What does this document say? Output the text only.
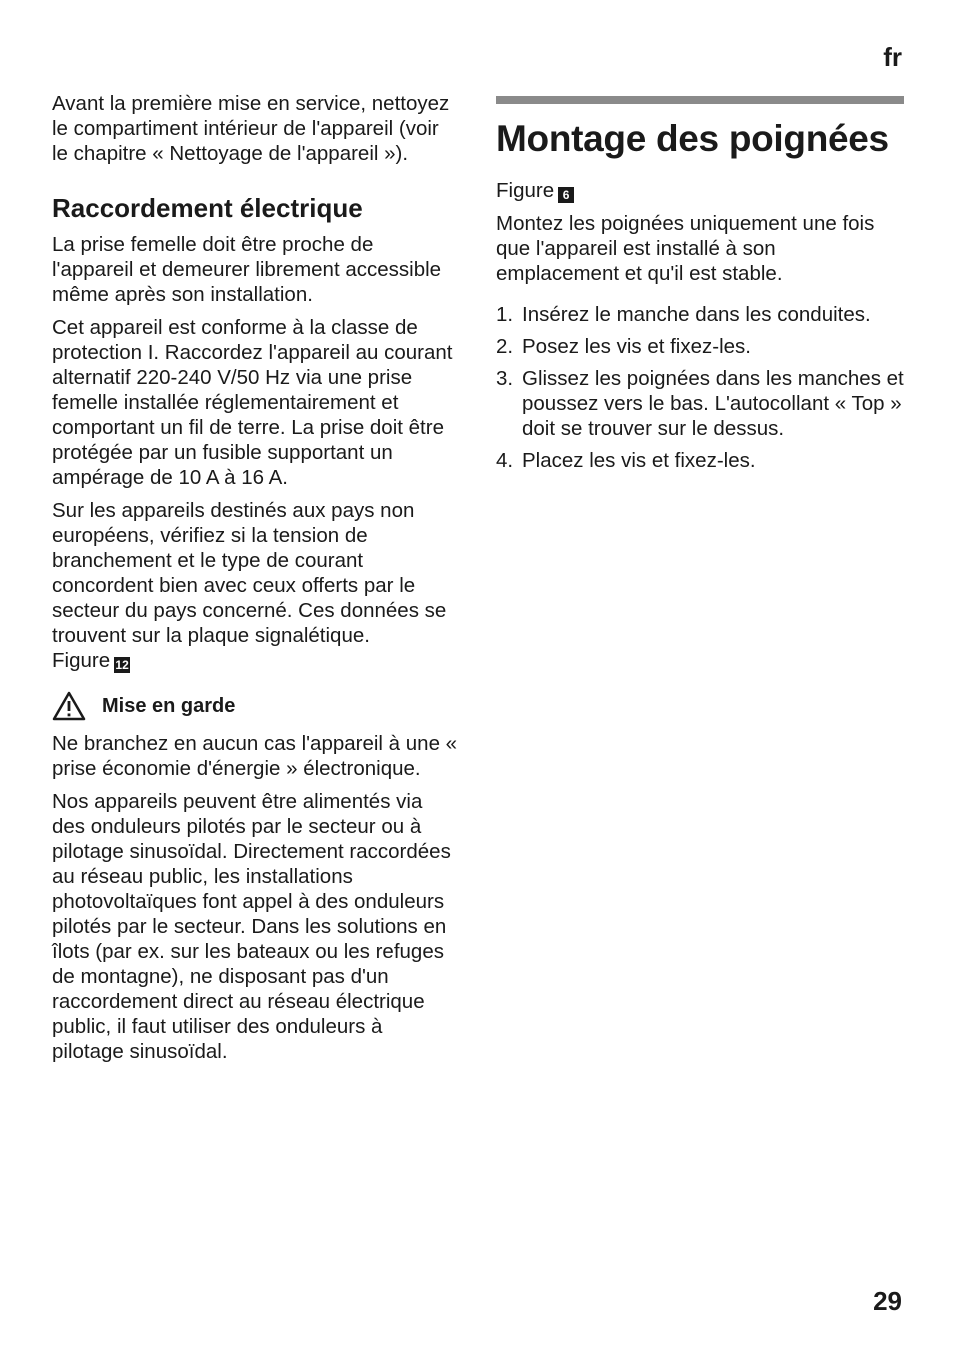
fr

Avant la première mise en service, nettoyez le compartiment intérieur de l'appareil (voir le chapitre « Nettoyage de l'appareil »).

Raccordement électrique

La prise femelle doit être proche de l'appareil et demeurer librement accessible même après son installation.

Cet appareil est conforme à la classe de protection I. Raccordez l'appareil au courant alternatif 220-240 V/50 Hz via une prise femelle installée réglementairement et comportant un fil de terre. La prise doit être protégée par un fusible supportant un ampérage de 10 A à 16 A.

Sur les appareils destinés aux pays non européens, vérifiez si la tension de branchement et le type de courant concordent bien avec ceux offerts par le secteur du pays concerné. Ces données se trouvent sur la plaque signalétique.
Figure 12

Mise en garde

Ne branchez en aucun cas l'appareil à une « prise économie d'énergie » électronique.

Nos appareils peuvent être alimentés via des onduleurs pilotés par le secteur ou à pilotage sinusoïdal. Directement raccordées au réseau public, les installations photovoltaïques font appel à des onduleurs pilotés par le secteur. Dans les solutions en îlots (par ex. sur les bateaux ou les refuges de montagne), ne disposant pas d'un raccordement direct au réseau électrique public, il faut utiliser des onduleurs à pilotage sinusoïdal.

Montage des poignées

Figure 6

Montez les poignées uniquement une fois que l'appareil est installé à son emplacement et qu'il est stable.

1. Insérez le manche dans les conduites.
2. Posez les vis et fixez-les.
3. Glissez les poignées dans les manches et poussez vers le bas. L'autocollant « Top » doit se trouver sur le dessus.
4. Placez les vis et fixez-les.
29
